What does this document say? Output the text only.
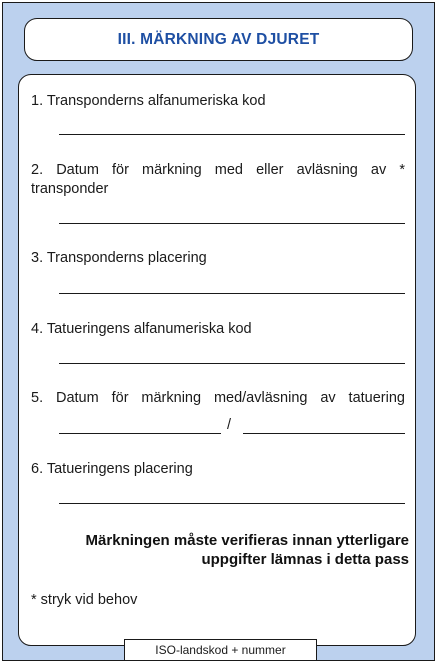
III. MÄRKNING AV DJURET
1. Transponderns alfanumeriska kod
2. Datum för märkning med eller avläsning av * transponder
3. Transponderns placering
4. Tatueringens alfanumeriska kod
5. Datum för märkning med/avläsning av tatuering
/
6. Tatueringens placering
Märkningen måste verifieras innan ytterligare uppgifter lämnas i detta pass
* stryk vid behov
ISO-landskod + nummer
